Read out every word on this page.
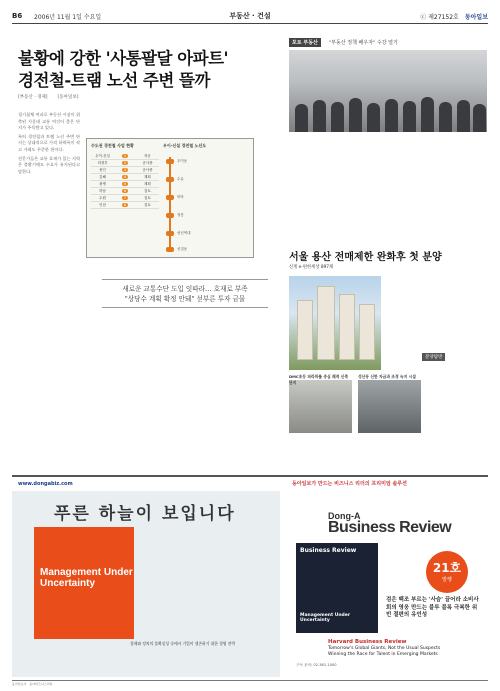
B6	2006년 11월 1일 수요일	부동산 · 건설	ⓒ 제27152호 동아일보
불황에 강한 '사통팔달 아파트'
경전철-트램 노선 주변 뜰까
[부동산 · 경제] [동아일보]

경기침체 여파로 부동산 시장이 위축된 가운데 교통 여건이 좋은 단지가 주목받고 있다.

특히 경전철과 트램 노선 주변 단지는 상대적으로 가격 하락폭이 작고 거래도 꾸준한 편이다.

전문가들은 교통 호재가 있는 지역은 불황기에도 수요가 유지된다고 말한다.

수도권 경전철 사업 현황	우이-신설 경전철 노선도
우이-신설	1	착공
의정부	2	공사중
용인	3	공사중
김해	4	계획
광명	5	계획
하남	6	검토
수원	7	검토
인천	8	검토
우이동
수유
미아
정릉
성신여대
신설동
새로운 교통수단 도입 잇따라… 호재로 부족
"상당수 계획 확정 안돼" 섣부른 투자 금물
포토 부동산	"부동산 정책 배우자" 수강 열기
서울 용산 전매제한 완화후 첫 분양
신계 e-편한세상 897채
분양탐방
DMC초등 파라하를 중심 쾌적 신축 단지
성산동 신한 자금과 조경 녹지 시설
www.dongabiz.com	동아일보가 만드는 비즈니스 리더의 프리미엄 솔루션
푸른 하늘이 보입니다
Management Under Uncertainty
경제와 정치의 불확실성 속에서 기업이 생존하기 위한 경영 전략
Dong-A
Business Review
Business Review
Management Under Uncertainty
21호
발행
검은 백조 부르는 '사슴' 끌어라 소비사회의 영웅 만드는 블루 블록 극복한 위빈 절편의 유언성
Harvard Business Review
Tomorrow's Global Giants, Not the Usual Suspects
Winning the Race for Talent in Emerging Markets
구독 문의: 02-361-1000
동아일보사 · 동아비즈니스리뷰
